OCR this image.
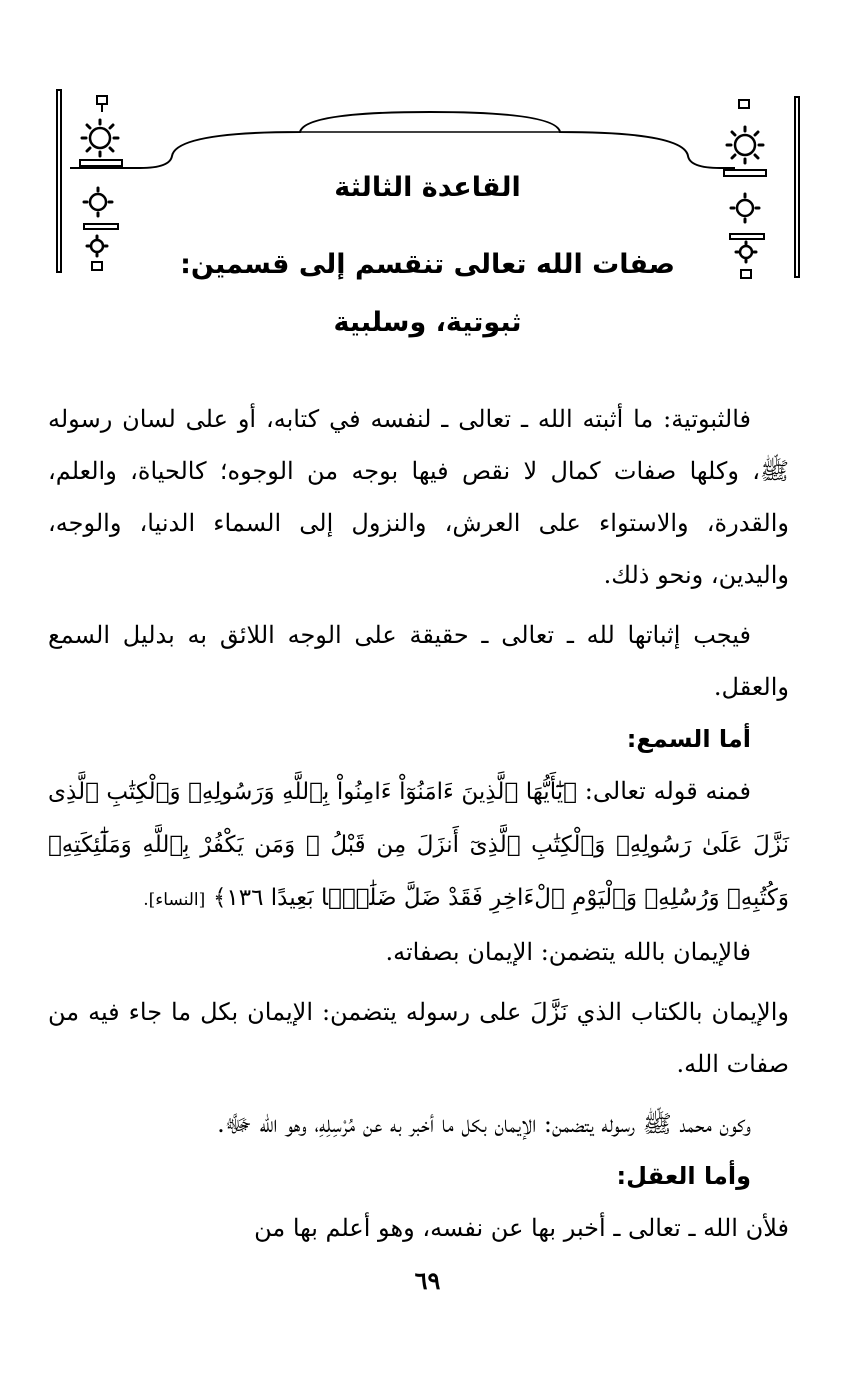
القاعدة الثالثة
صفات الله تعالى تنقسم إلى قسمين:
ثبوتية، وسلبية

فالثبوتية: ما أثبته الله ـ تعالى ـ لنفسه في كتابه، أو على لسان رسوله ﷺ، وكلها صفات كمال لا نقص فيها بوجه من الوجوه؛ كالحياة، والعلم، والقدرة، والاستواء على العرش، والنزول إلى السماء الدنيا، والوجه، واليدين، ونحو ذلك.

فيجب إثباتها لله ـ تعالى ـ حقيقة على الوجه اللائق به بدليل السمع والعقل.

أما السمع:

فمنه قوله تعالى: ﴿يَٰٓأَيُّهَا ٱلَّذِينَ ءَامَنُوٓاْ ءَامِنُواْ بِٱللَّهِ وَرَسُولِهِۦ وَٱلْكِتَٰبِ ٱلَّذِى نَزَّلَ عَلَىٰ رَسُولِهِۦ وَٱلْكِتَٰبِ ٱلَّذِىٓ أَنزَلَ مِن قَبْلُ ۚ وَمَن يَكْفُرْ بِٱللَّهِ وَمَلَٰٓئِكَتِهِۦ وَكُتُبِهِۦ وَرُسُلِهِۦ وَٱلْيَوْمِ ٱلْءَاخِرِ فَقَدْ ضَلَّ ضَلَٰلًۢا بَعِيدًا ١٣٦﴾ [النساء].

فالإيمان بالله يتضمن: الإيمان بصفاته.

والإيمان بالكتاب الذي نَزَّلَ على رسوله يتضمن: الإيمان بكل ما جاء فيه من صفات الله.

وكون محمد ﷺ رسوله يتضمن: الإيمان بكل ما أخبر به عن مُرْسِلِهِ، وهو الله ﷻ.

وأما العقل:

فلأن الله ـ تعالى ـ أخبر بها عن نفسه، وهو أعلم بها من

٦٩
